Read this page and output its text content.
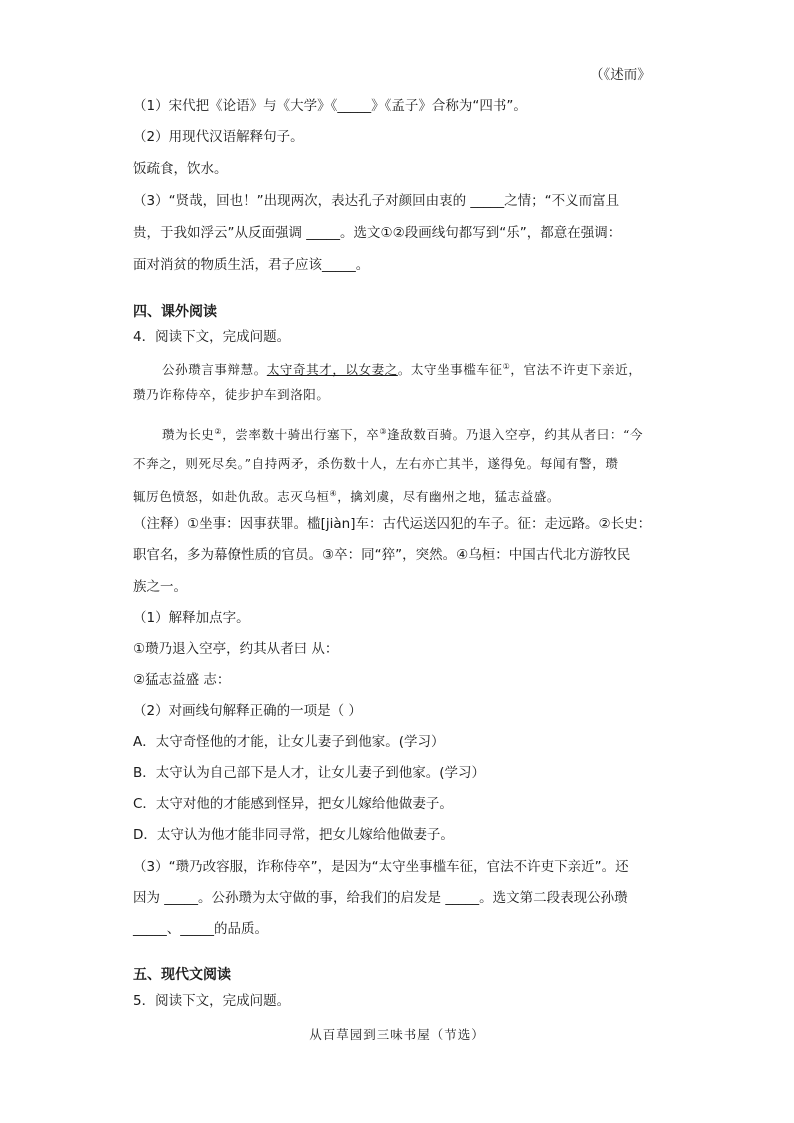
（《述而》
（1）宋代把《论语》与《大学》《_____》《孟子》合称为“四书”。
（2）用现代汉语解释句子。
饭疏食，饮水。
（3）“贤哉，回也！”出现两次，表达孔子对颜回由衷的 _____之情；“不义而富且
贵，于我如浮云”从反面强调 _____。选文①②段画线句都写到“乐”，都意在强调：
面对消贫的物质生活，君子应该_____。
四、课外阅读
4．阅读下文，完成问题。
公孙瓒言事辩慧。太守奇其才，以女妻之。太守坐事槛车征①，官法不许吏下亲近，
瓒乃诈称侍卒，徒步护车到洛阳。
瓒为长史②，尝率数十骑出行塞下，卒③逢敌数百骑。乃退入空亭，约其从者曰：“今
不奔之，则死尽矣。”自持两矛，杀伤数十人，左右亦亡其半，遂得免。每闻有警，瓒
辄厉色愤怒，如赴仇敌。志灭乌桓④，擒刘虞，尽有幽州之地，猛志益盛。
（注释）①坐事：因事获罪。槛[jiàn]车：古代运送囚犯的车子。征：走远路。②长史：
职官名，多为幕僚性质的官员。③卒：同“猝”，突然。④乌桓：中国古代北方游牧民
族之一。
（1）解释加点字。
①瓒乃退入空亭，约其从者曰 从：
②猛志益盛 志：
（2）对画线句解释正确的一项是（ ）
A．太守奇怪他的才能，让女儿妻子到他家。(学习）
B．太守认为自己部下是人才，让女儿妻子到他家。(学习）
C．太守对他的才能感到怪异，把女儿嫁给他做妻子。
D．太守认为他才能非同寻常，把女儿嫁给他做妻子。
（3）“瓒乃改容服，诈称侍卒”，是因为“太守坐事槛车征，官法不许吏下亲近”。还
因为 _____。公孙瓒为太守做的事，给我们的启发是 _____。选文第二段表现公孙瓒
_____、_____的品质。
五、现代文阅读
5．阅读下文，完成问题。
从百草园到三味书屋（节选）
